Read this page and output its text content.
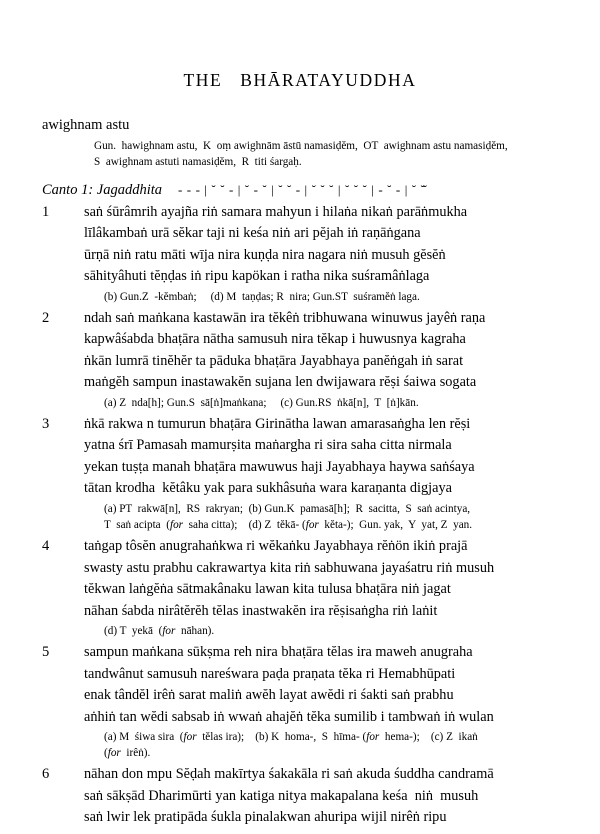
THE   BHĀRATAYUDDHA
awighnam astu
Gun.  hawighnam astu,  K  oṃ awighnām āstū namasiḍĕm,  OT  awighnam astu namasiḍĕm,
S  awighnam astuti namasiḍĕm,  R  titi śargaḥ.
Canto 1: Jagaddhita - - - | ˘ ˘ - | ˘ - ˘ | ˘ ˘ - | ˘ ˘ ˘ | ˘ ˘ ˘ | - ˘ - | ˘ ˘̆
1	saṅ śūrâmrih ayajña riṅ samara mahyun i hilaṅa nikaṅ parāṅmukha
līlâkambaṅ urā sĕkar taji ni keśa niṅ ari pĕjah iṅ raṇāṅgana
ūrṇā niṅ ratu māti wīja nira kuṇḍa nira nagara niṅ musuh gĕsĕṅ
sāhityâhuti tĕṇḍas iṅ ripu kapökan i ratha nika suśramâṅlaga
(b) Gun.Z  -kĕmbaṅ;     (d) M  taṇḍas; R  nira; Gun.ST  suśramĕṅ laga.
2	ndah saṅ maṅkana kastawān ira tĕkêṅ tribhuwana winuwus jayêṅ raṇa
kapwâśabda bhaṭāra nātha samusuh nira tĕkap i huwusnya kagraha
ṅkān lumrā tinĕhĕr ta pāduka bhaṭāra Jayabhaya panĕṅgah iṅ sarat
maṅgĕh sampun inastawakĕn sujana len dwijawara rĕṣi śaiwa sogata
(a) Z  nda[h]; Gun.S  sā[ṅ]maṅkana;     (c) Gun.RS  ṅkā[n],  T  [ṅ]kān.
3	ṅkā rakwa n tumurun bhaṭāra Girinātha lawan amarasaṅgha len rĕṣi
yatna śrī Pamasah mamurṣita maṅargha ri sira saha citta nirmala
yekan tuṣṭa manah bhaṭāra mawuwus haji Jayabhaya haywa saṅśaya
tātan krodha  kĕtâku yak para sukhâsuṅa wara karaṇanta digjaya
(a) PT  rakwā[n],  RS  rakryan;  (b) Gun.K  pamasā[h];  R  sacitta,  S  saṅ acintya,
T  saṅ acipta  (for  saha citta);    (d) Z  tĕkā- (for  kĕta-);  Gun. yak,  Y  yat, Z  yan.
4	taṅgap tôsĕn anugrahaṅkwa ri wĕkaṅku Jayabhaya rĕṅön ikiṅ prajā
swasty astu prabhu cakrawartya kita riṅ sabhuwana jayaśatru riṅ musuh
tĕkwan laṅgĕṅa sātmakânaku lawan kita tulusa bhaṭāra niṅ jagat
nāhan śabda nirâtĕrĕh tĕlas inastwakĕn ira rĕṣisaṅgha riṅ laṅit
(d) T  yekā  (for  nāhan).
5	sampun maṅkana sūkṣma reh nira bhaṭāra tĕlas ira maweh anugraha
tandwânut samusuh nareśwara paḍa praṇata tĕka ri Hemabhūpati
enak tândĕl irêṅ sarat maliṅ awĕh layat awĕdi ri śakti saṅ prabhu
aṅhiṅ tan wĕdi sabsab iṅ wwaṅ ahajĕṅ tĕka sumilib i tambwaṅ iṅ wulan
(a) M  śiwa sira  (for  tĕlas ira);    (b) K  homa-,  S  hīma- (for  hema-);    (c) Z  ikaṅ
(for  irêṅ).
6	nāhan don mpu Sĕḍah makīrtya śakakāla ri saṅ akuda śuddha candramā
saṅ sākṣād Dharimūrti yan katiga nitya makapalana keśa  niṅ  musuh
saṅ lwir lek pratipāda śukla pinalakwan ahuripa wijil nirêṅ ripu
